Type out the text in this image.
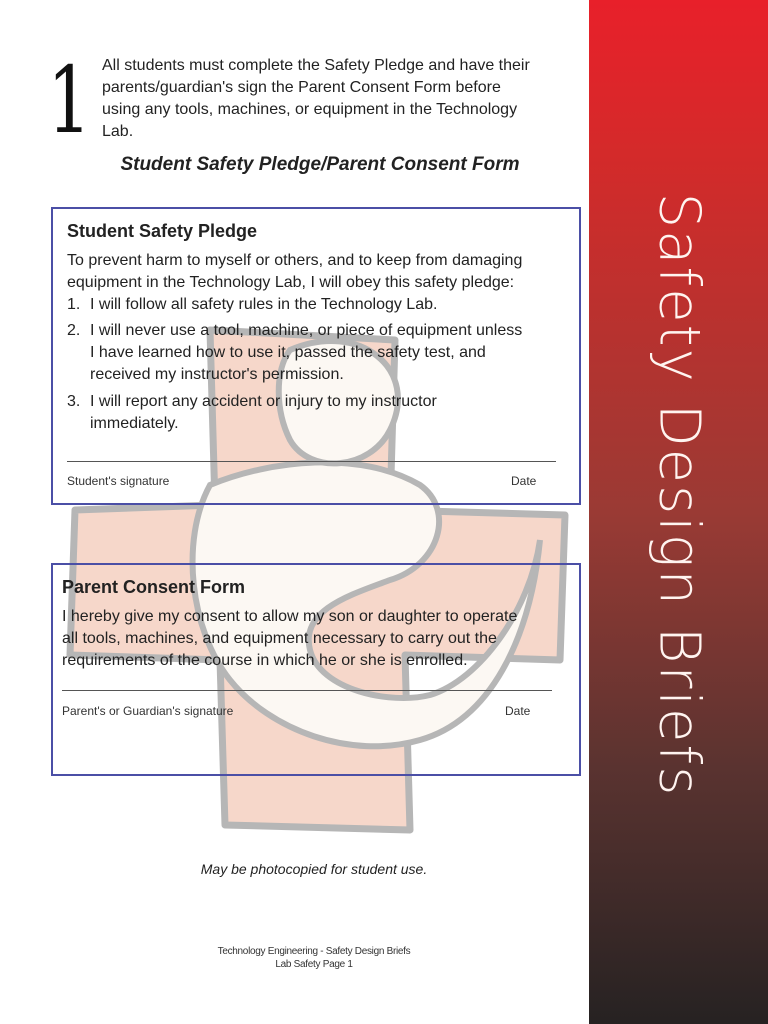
Safety Design Briefs
1 All students must complete the Safety Pledge and have their
parents/guardian's sign the Parent Consent Form before
using any tools, machines, or equipment in the Technology
Lab.
Student Safety Pledge/Parent Consent Form
Student Safety Pledge
To prevent harm to myself or others, and to keep from damaging
equipment in the Technology Lab, I will obey this safety pledge:
1. I will follow all safety rules in the Technology Lab.
2. I will never use a tool, machine, or piece of equipment unless
I have learned how to use it, passed the safety test, and
received my instructor's permission.
3. I will report any accident or injury to my instructor
immediately.
Student's signature	Date
Parent Consent Form
I hereby give my consent to allow my son or daughter to operate
all tools, machines, and equipment necessary to carry out the
requirements of the course in which he or she is enrolled.
Parent's or Guardian's signature	Date
May be photocopied for student use.
Technology Engineering - Safety Design Briefs
Lab Safety Page 1
